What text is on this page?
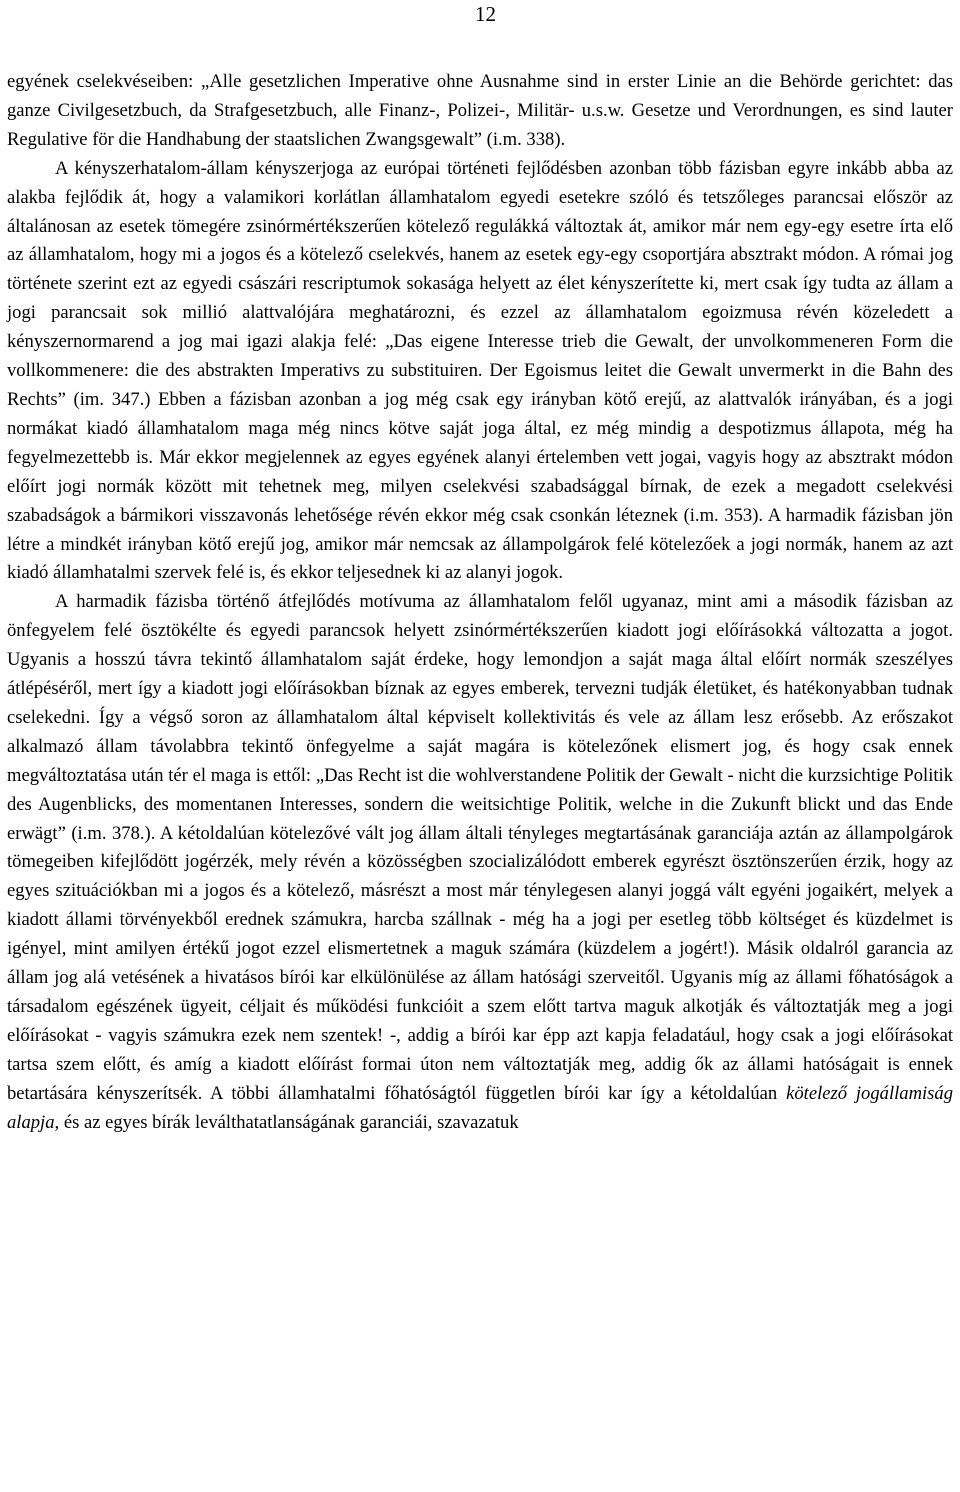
12

egyének cselekvéseiben: „Alle gesetzlichen Imperative ohne Ausnahme sind in erster Linie an die Behörde gerichtet: das ganze Civilgesetzbuch, da Strafgesetzbuch, alle Finanz-, Polizei-, Militär- u.s.w. Gesetze und Verordnungen, es sind lauter Regulative för die Handhabung der staatslichen Zwangsgewalt” (i.m. 338).

A kényszerhatalom-állam kényszerjoga az európai történeti fejlődésben azonban több fázisban egyre inkább abba az alakba fejlődik át, hogy a valamikori korlátlan államhatalom egyedi esetekre szóló és tetszőleges parancsai először az általánosan az esetek tömegére zsinórmértékszerűen kötelező regulákká változtak át, amikor már nem egy-egy esetre írta elő az államhatalom, hogy mi a jogos és a kötelező cselekvés, hanem az esetek egy-egy csoportjára absztrakt módon. A római jog története szerint ezt az egyedi császári rescriptumok sokasága helyett az élet kényszerítette ki, mert csak így tudta az állam a jogi parancsait sok millió alattvalójára meghatározni, és ezzel az államhatalom egoizmusa révén közeledett a kényszernormarend a jog mai igazi alakja felé: „Das eigene Interesse trieb die Gewalt, der unvolkommeneren Form die vollkommenere: die des abstrakten Imperativs zu substituiren. Der Egoismus leitet die Gewalt unvermerkt in die Bahn des Rechts” (im. 347.) Ebben a fázisban azonban a jog még csak egy irányban kötő erejű, az alattvalók irányában, és a jogi normákat kiadó államhatalom maga még nincs kötve saját joga által, ez még mindig a despotizmus állapota, még ha fegyelmezettebb is. Már ekkor megjelennek az egyes egyének alanyi értelemben vett jogai, vagyis hogy az absztrakt módon előírt jogi normák között mit tehetnek meg, milyen cselekvési szabadsággal bírnak, de ezek a megadott cselekvési szabadságok a bármikori visszavonás lehetősége révén ekkor még csak csonkán léteznek (i.m. 353). A harmadik fázisban jön létre a mindkét irányban kötő erejű jog, amikor már nemcsak az állampolgárok felé kötelezőek a jogi normák, hanem az azt kiadó államhatalmi szervek felé is, és ekkor teljesednek ki az alanyi jogok.

A harmadik fázisba történő átfejlődés motívuma az államhatalom felől ugyanaz, mint ami a második fázisban az önfegyelem felé ösztökélte és egyedi parancsok helyett zsinórmértékszerűen kiadott jogi előírásokká változatta a jogot. Ugyanis a hosszú távra tekintő államhatalom saját érdeke, hogy lemondjon a saját maga által előírt normák szeszélyes átlépéséről, mert így a kiadott jogi előírásokban bíznak az egyes emberek, tervezni tudják életüket, és hatékonyabban tudnak cselekedni. Így a végső soron az államhatalom által képviselt kollektivitás és vele az állam lesz erősebb. Az erőszakot alkalmazó állam távolabbra tekintő önfegyelme a saját magára is kötelezőnek elismert jog, és hogy csak ennek megváltoztatása után tér el maga is ettől: „Das Recht ist die wohlverstandene Politik der Gewalt - nicht die kurzsichtige Politik des Augenblicks, des momentanen Interesses, sondern die weitsichtige Politik, welche in die Zukunft blickt und das Ende erwägt” (i.m. 378.). A kétoldalúan kötelezővé vált jog állam általi tényleges megtartásának garanciája aztán az állampolgárok tömegeiben kifejlődött jogérzék, mely révén a közösségben szocializálódott emberek egyrészt ösztönszerűen érzik, hogy az egyes szituációkban mi a jogos és a kötelező, másrészt a most már ténylegesen alanyi joggá vált egyéni jogaikért, melyek a kiadott állami törvényekből erednek számukra, harcba szállnak - még ha a jogi per esetleg több költséget és küzdelmet is igényel, mint amilyen értékű jogot ezzel elismertetnek a maguk számára (küzdelem a jogért!). Másik oldalról garancia az állam jog alá vetésének a hivatásos bírói kar elkülönülése az állam hatósági szerveitől. Ugyanis míg az állami főhatóságok a társadalom egészének ügyeit, céljait és működési funkcióit a szem előtt tartva maguk alkotják és változtatják meg a jogi előírásokat - vagyis számukra ezek nem szentek! -, addig a bírói kar épp azt kapja feladatául, hogy csak a jogi előírásokat tartsa szem előtt, és amíg a kiadott előírást formai úton nem változtatják meg, addig ők az állami hatóságait is ennek betartására kényszerítsék. A többi államhatalmi főhatóságtól független bírói kar így a kétoldalúan kötelező jogállamiság alapja, és az egyes bírák leválthatatlanságának garanciái, szavazatuk
